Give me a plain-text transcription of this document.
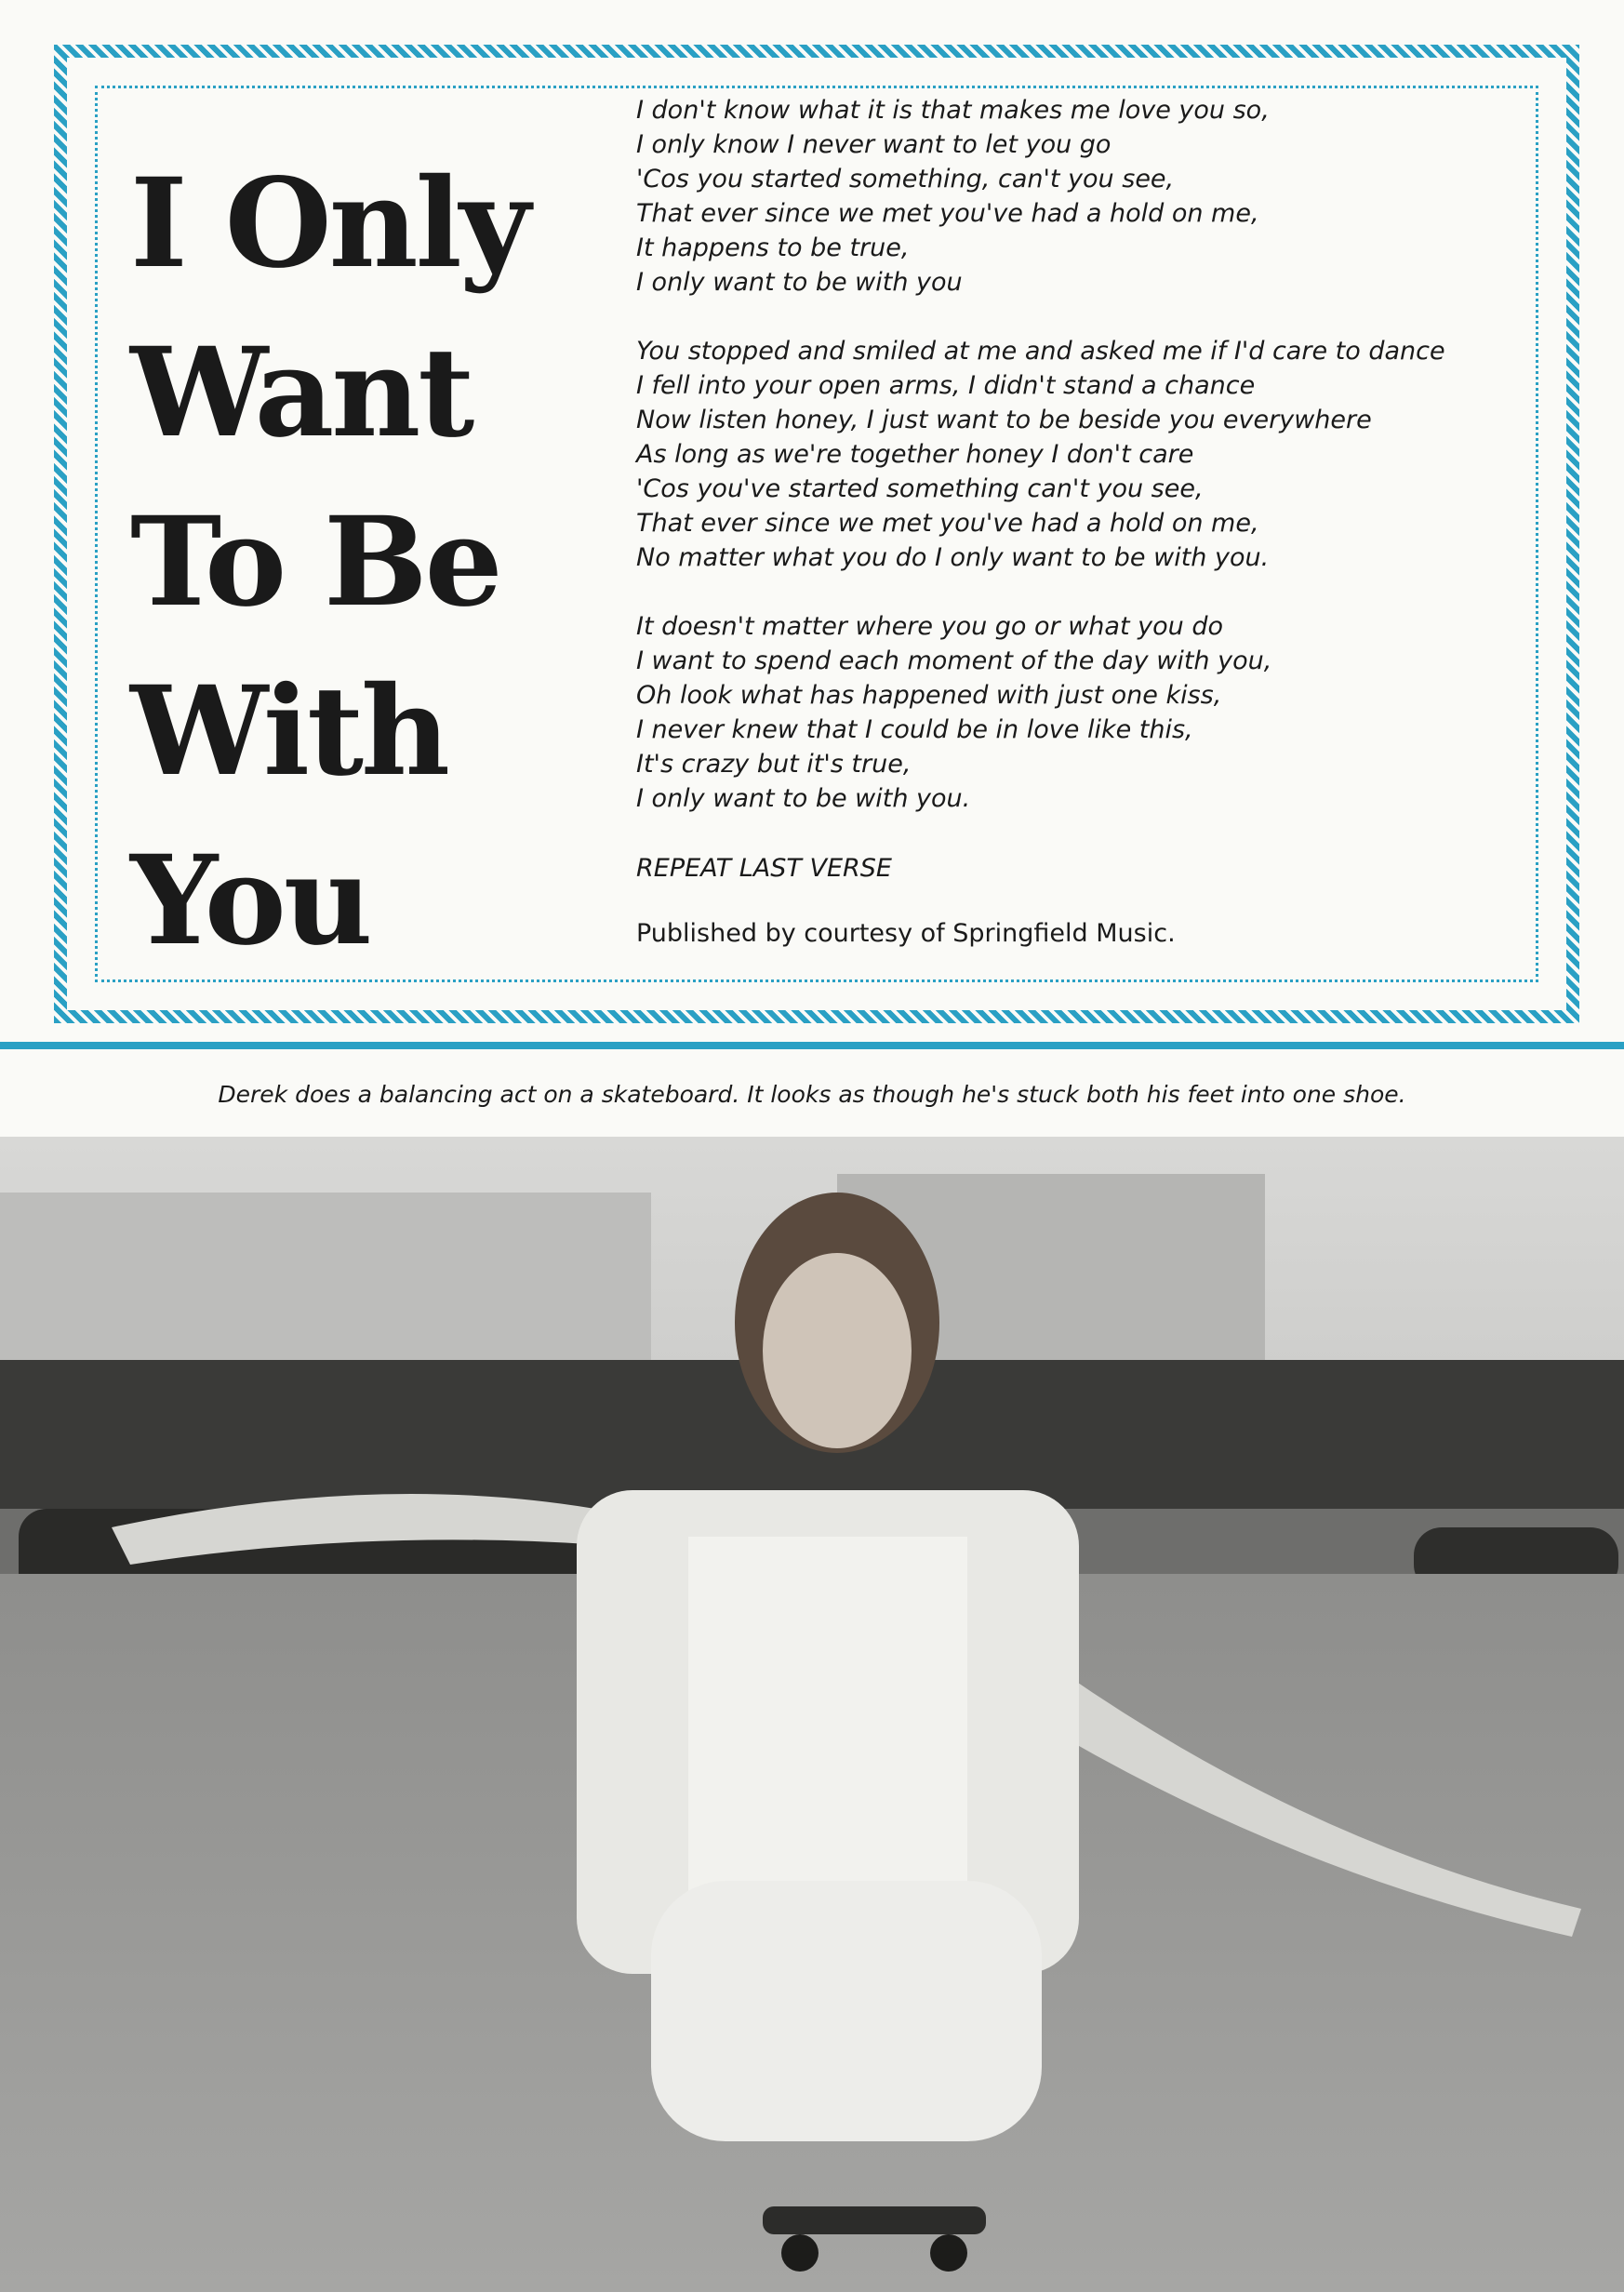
I Only
Want
To Be
With
You
I don't know what it is that makes me love you so,
I only know I never want to let you go
'Cos you started something, can't you see,
That ever since we met you've had a hold on me,
It happens to be true,
I only want to be with you
You stopped and smiled at me and asked me if I'd care to dance
I fell into your open arms, I didn't stand a chance
Now listen honey, I just want to be beside you everywhere
As long as we're together honey I don't care
'Cos you've started something can't you see,
That ever since we met you've had a hold on me,
No matter what you do I only want to be with you.
It doesn't matter where you go or what you do
I want to spend each moment of the day with you,
Oh look what has happened with just one kiss,
I never knew that I could be in love like this,
It's crazy but it's true,
I only want to be with you.
REPEAT LAST VERSE
Published by courtesy of Springfield Music.
Derek does a balancing act on a skateboard. It looks as though he's stuck both his feet into one shoe.
